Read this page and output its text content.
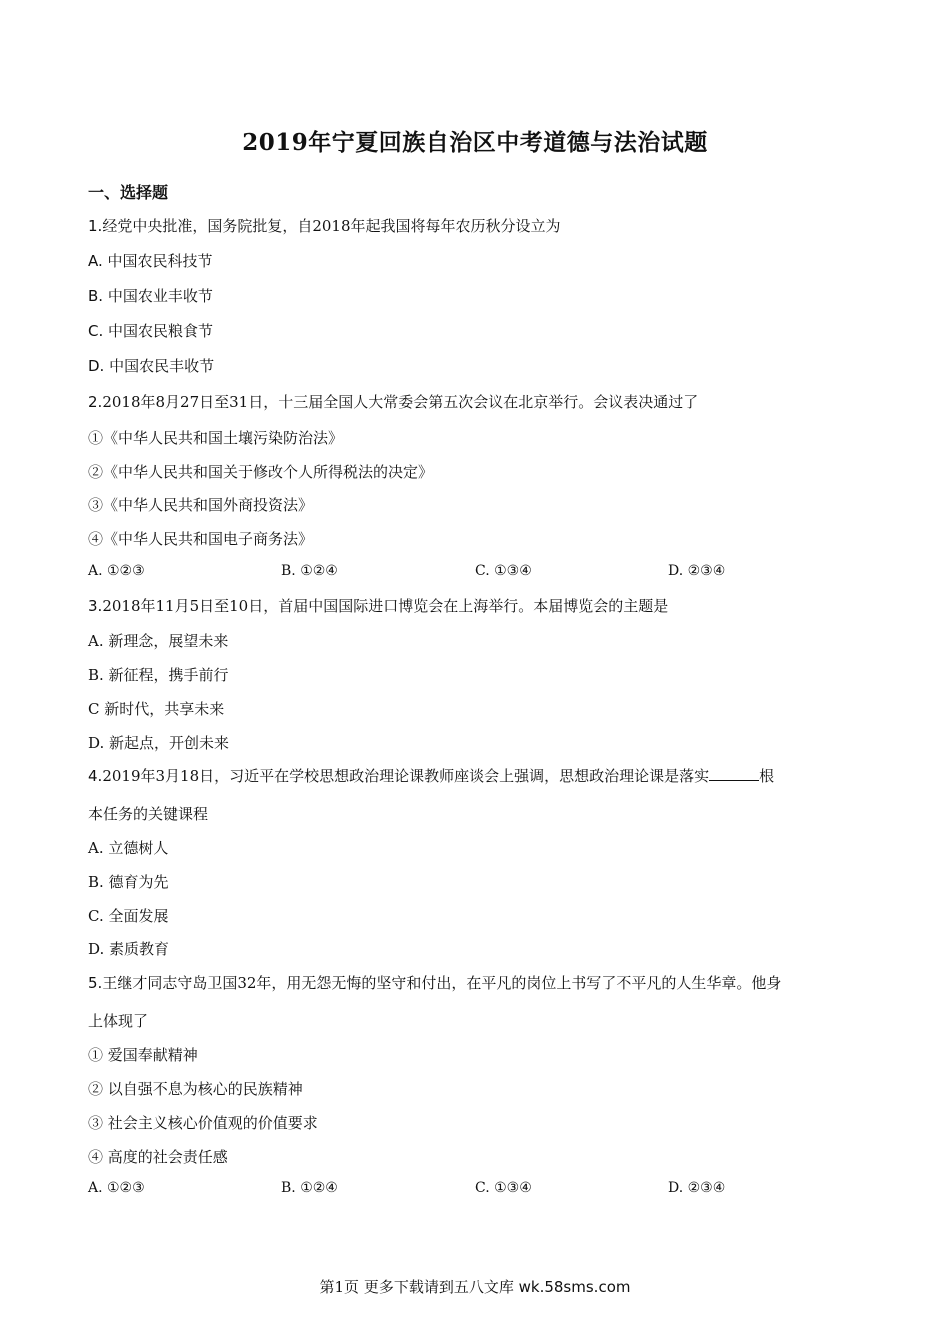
2019年宁夏回族自治区中考道德与法治试题
一、选择题
1.经党中央批准，国务院批复，自2018年起我国将每年农历秋分设立为
A. 中国农民科技节
B. 中国农业丰收节
C. 中国农民粮食节
D. 中国农民丰收节
2.2018年8月27日至31日，十三届全国人大常委会第五次会议在北京举行。会议表决通过了
①《中华人民共和国土壤污染防治法》
②《中华人民共和国关于修改个人所得税法的决定》
③《中华人民共和国外商投资法》
④《中华人民共和国电子商务法》
A. ①②③	B. ①②④	C. ①③④	D. ②③④
3.2018年11月5日至10日，首届中国国际进口博览会在上海举行。本届博览会的主题是
A. 新理念，展望未来
B. 新征程，携手前行
C 新时代，共享未来
D. 新起点，开创未来
4.2019年3月18日，习近平在学校思想政治理论课教师座谈会上强调，思想政治理论课是落实	根
本任务的关键课程
A. 立德树人
B. 德育为先
C. 全面发展
D. 素质教育
5.王继才同志守岛卫国32年，用无怨无悔的坚守和付出，在平凡的岗位上书写了不平凡的人生华章。他身
上体现了
① 爱国奉献精神
② 以自强不息为核心的民族精神
③ 社会主义核心价值观的价值要求
④ 高度的社会责任感
A. ①②③	B. ①②④	C. ①③④	D. ②③④
第1页 更多下载请到五八文库 wk.58sms.com
